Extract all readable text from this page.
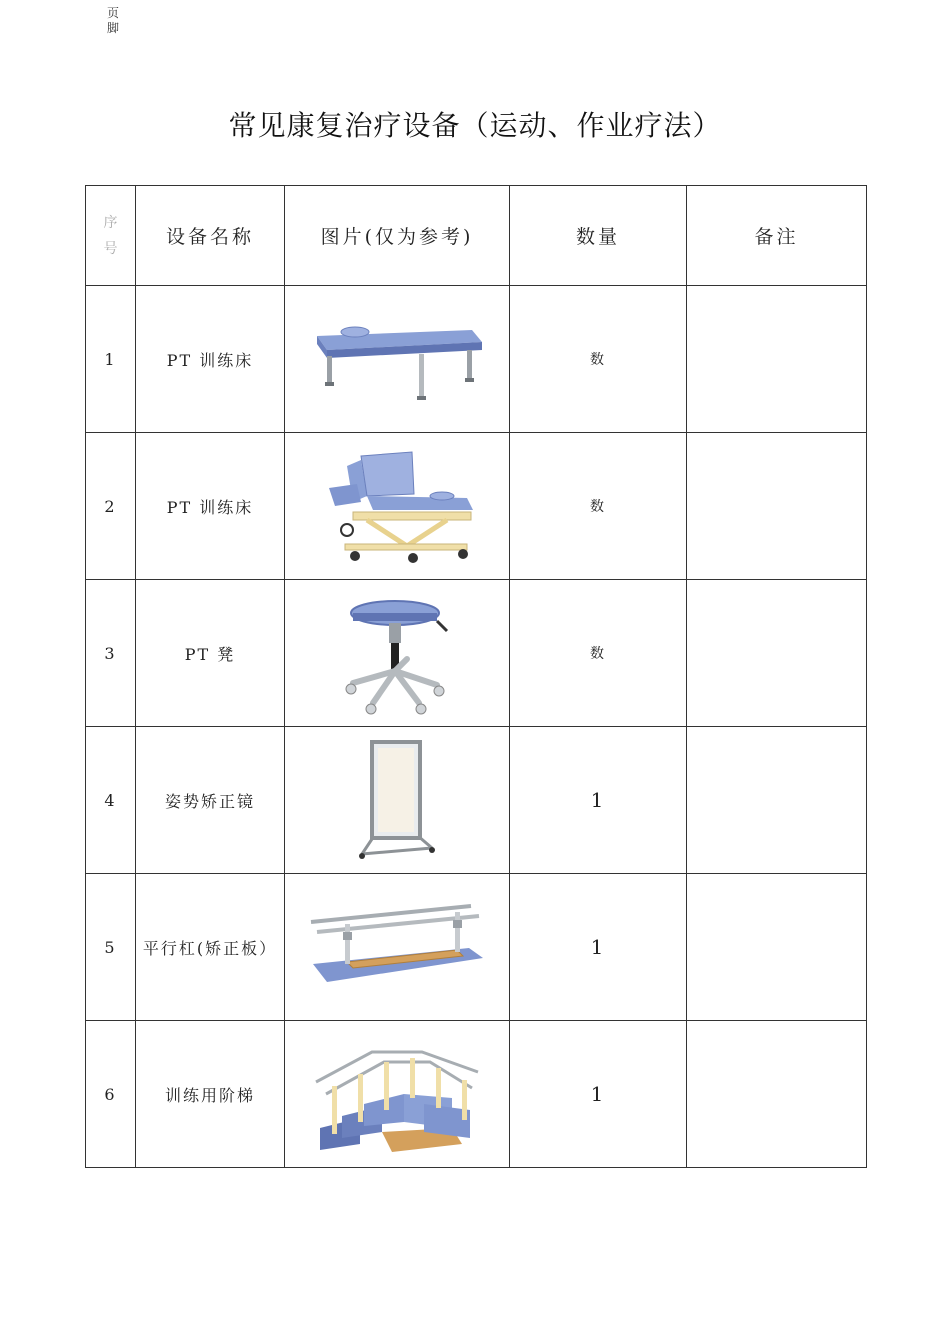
页
脚
常见康复治疗设备（运动、作业疗法）
序
号	设备名称	图片(仅为参考)	数量	备注
1	PT 训练床		数	
2	PT 训练床		数	
3	PT 凳		数	
4	姿势矫正镜		1	
5	平行杠(矫正板）		1	
6	训练用阶梯		1	
